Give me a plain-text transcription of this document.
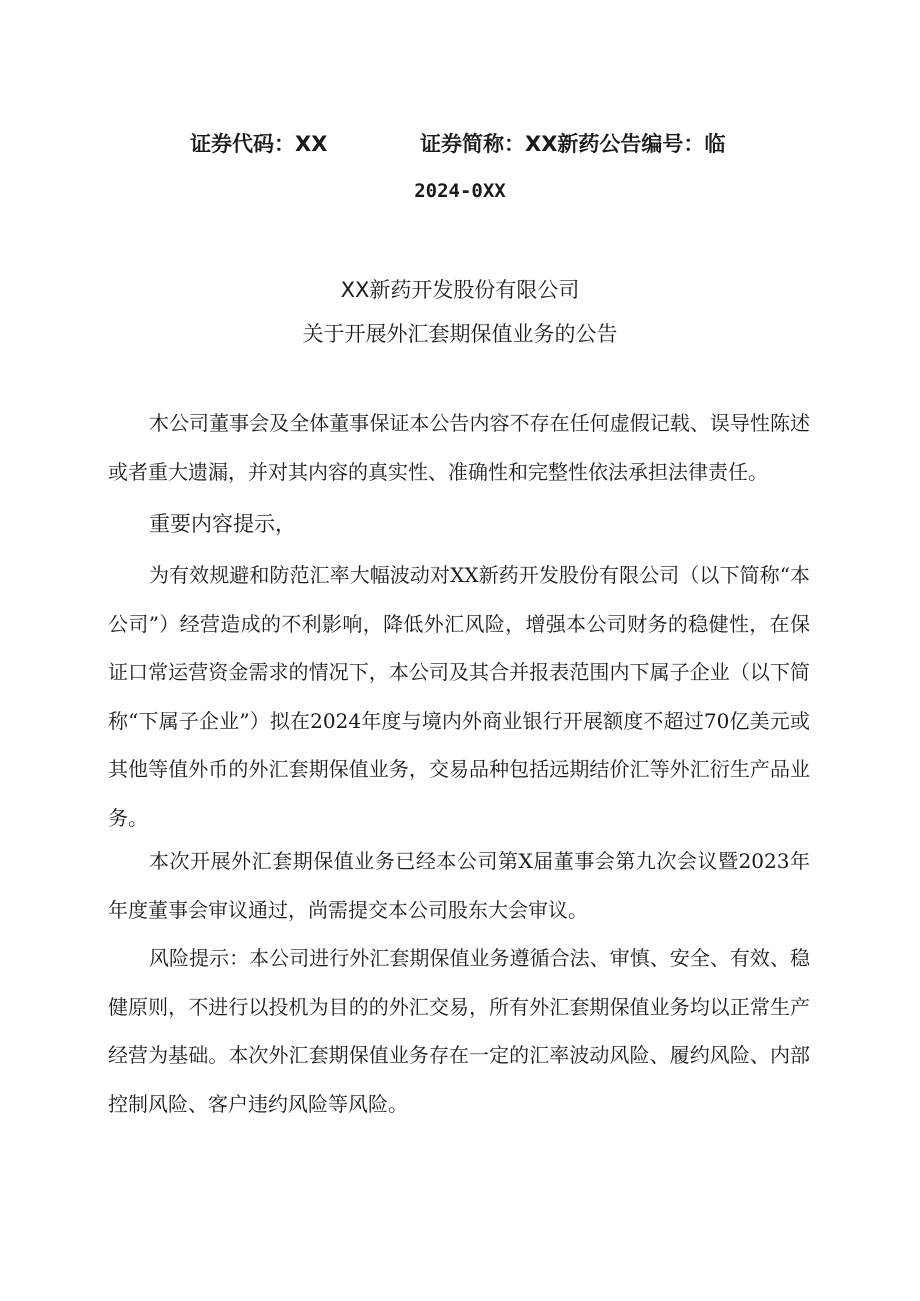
证券代码：XX	证券简称：XX新药公告编号：临
2024-0XX
XX新药开发股份有限公司
关于开展外汇套期保值业务的公告

木公司董事会及全体董事保证本公告内容不存在任何虚假记载、误导性陈述或者重大遗漏，并对其内容的真实性、准确性和完整性依法承担法律责任。

重要内容提示，

为有效规避和防范汇率大幅波动对XX新药开发股份有限公司（以下简称“本公司”）经营造成的不利影响，降低外汇风险，增强本公司财务的稳健性，在保证口常运营资金需求的情况下，本公司及其合并报表范围内下属子企业（以下简称“下属子企业”）拟在2024年度与境内外商业银行开展额度不超过70亿美元或其他等值外币的外汇套期保值业务，交易品种包括远期结价汇等外汇衍生产品业务。

本次开展外汇套期保值业务已经本公司第X届董事会第九次会议暨2023年年度董事会审议通过，尚需提交本公司股东大会审议。

风险提示：本公司进行外汇套期保值业务遵循合法、审慎、安全、有效、稳健原则，不进行以投机为目的的外汇交易，所有外汇套期保值业务均以正常生产经营为基础。本次外汇套期保值业务存在一定的汇率波动风险、履约风险、内部控制风险、客户违约风险等风险。
